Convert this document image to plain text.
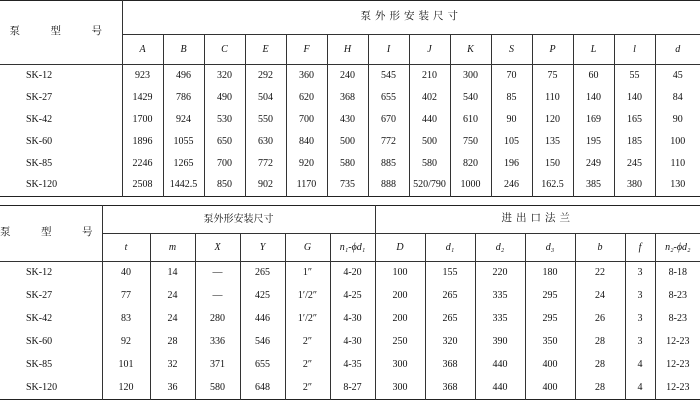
泵　型　号	泵外形安装尺寸													
	A	B	C	E	F	H	I	J	K	S	P	L	l	d
SK-12	923	496	320	292	360	240	545	210	300	70	75	60	55	45
SK-27	1429	786	490	504	620	368	655	402	540	85	110	140	140	84
SK-42	1700	924	530	550	700	430	670	440	610	90	120	169	165	90
SK-60	1896	1055	650	630	840	500	772	500	750	105	135	195	185	100
SK-85	2246	1265	700	772	920	580	885	580	820	196	150	249	245	110
SK-120	2508	1442.5	850	902	1170	735	888	520/790	1000	246	162.5	385	380	130
泵　型　号	泵外形安装尺寸						进出口法兰						
	t	m	X	Y	G	n₁-ϕd₁	D	d₁	d₂	d₃	b	f	n₂-ϕd₂
SK-12	40	14	—	265	1″	4-20	100	155	220	180	22	3	8-18
SK-27	77	24	—	425	1′/2″	4-25	200	265	335	295	24	3	8-23
SK-42	83	24	280	446	1′/2″	4-30	200	265	335	295	26	3	8-23
SK-60	92	28	336	546	2″	4-30	250	320	390	350	28	3	12-23
SK-85	101	32	371	655	2″	4-35	300	368	440	400	28	4	12-23
SK-120	120	36	580	648	2″	8-27	300	368	440	400	28	4	12-23
